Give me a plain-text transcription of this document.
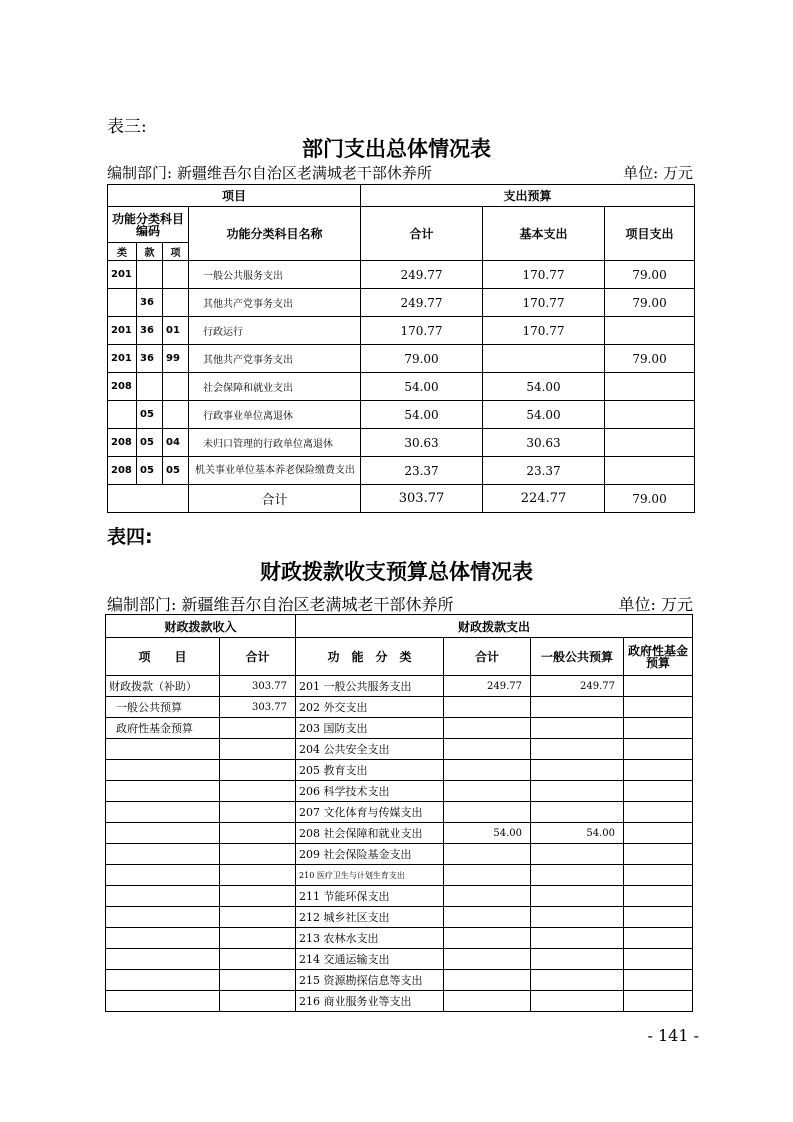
表三:
部门支出总体情况表
编制部门: 新疆维吾尔自治区老满城老干部休养所	单位: 万元
项目				支出预算		
功能分类科目编码			功能分类科目名称	合计	基本支出	项目支出
类	款	项				
201			一般公共服务支出	249.77	170.77	79.00
	36		其他共产党事务支出	249.77	170.77	79.00
201	36	01	行政运行	170.77	170.77	
201	36	99	其他共产党事务支出	79.00		79.00
208			社会保障和就业支出	54.00	54.00	
	05		行政事业单位离退休	54.00	54.00	
208	05	04	未归口管理的行政单位离退休	30.63	30.63	
208	05	05	机关事业单位基本养老保险缴费支出	23.37	23.37	
			合计	303.77	224.77	79.00
表四:
财政拨款收支预算总体情况表
编制部门: 新疆维吾尔自治区老满城老干部休养所	单位: 万元
财政拨款收入		财政拨款支出			
项　　目	合计	功　能　分　类	合计	一般公共预算	政府性基金预算
财政拨款（补助）	303.77	201 一般公共服务支出	249.77	249.77	
一般公共预算	303.77	202 外交支出			
政府性基金预算		203 国防支出			
		204 公共安全支出			
		205 教育支出			
		206 科学技术支出			
		207 文化体育与传媒支出			
		208 社会保障和就业支出	54.00	54.00	
		209 社会保险基金支出			
		210 医疗卫生与计划生育支出			
		211 节能环保支出			
		212 城乡社区支出			
		213 农林水支出			
		214 交通运输支出			
		215 资源勘探信息等支出			
		216 商业服务业等支出			
- 141 -
